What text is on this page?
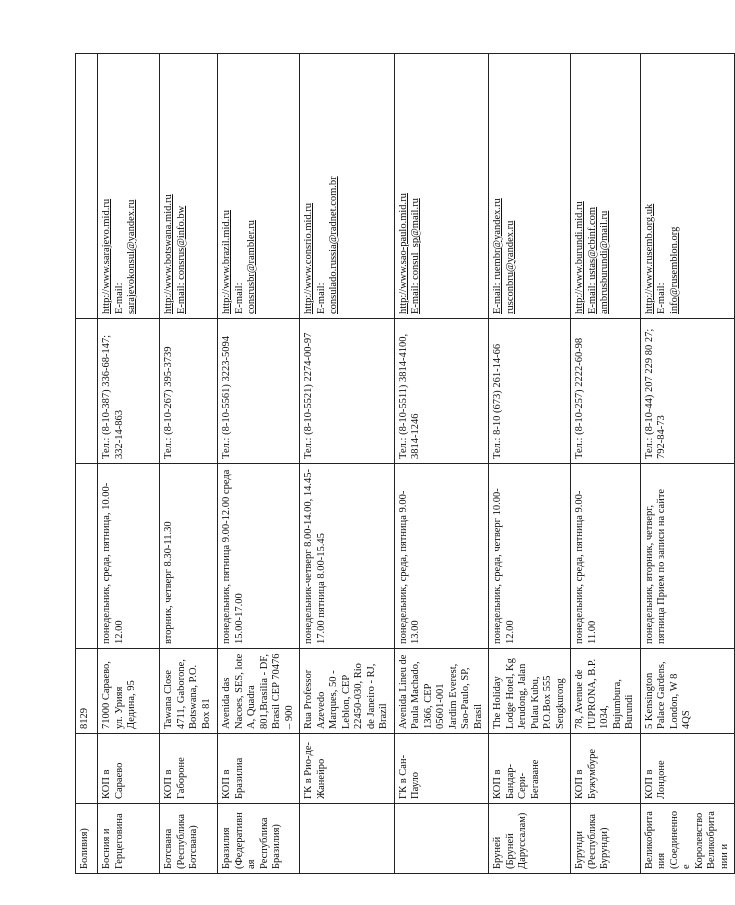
Боливия)		8129			
Босния и Герцеговина	КОП в Сараево	71000 Сараево, ул. Урияя Дедина, 95	понедельник, среда, пятница, 10.00-12.00	Тел.: (8-10-387) 336-68-147; 332-14-863	http://www.sarajevo.mid.ru E-mail: sarajevokonsul@yandex.ru

Ботсвана (Республика Ботсвана)	КОП в Габороне	Tawana Close 4711, Gaborone, Botswana, P.O. Box 81	вторник, четверг 8.30-11.30	Тел.: (8-10-267) 395-3739	http://www.botswana.mid.ru E-mail: consrus@info.bw

Бразилия (Федеративная Республика Бразилия)	КОП в Бразилиа	Avenida das Naсoes, SES, lote A, Quadra 801,Brasilia - DF, Brasil CEP 70476 – 900	понедельник, пятница 9.00-12.00 среда 15.00-17.00	Тел.: (8-10-5561) 3223-5094	http://www.brazil.mid.ru E-mail: consrusbr@rambler.ru

	ГК в Рио-де-Жанейро	Rua Professor Azevedo Marques, 50 - Leblon, CEP 22450-030, Rio de Janeiro - RJ, Brazil	понедельник-четверг 8.00-14.00, 14.45-17.00 пятница 8.00-15.45	Тел.: (8-10-5521) 2274-00-97	http://www.consrio.mid.ru E-mail: consulado.russia@radnet.com.br

	ГК в Сан-Пауло	Avenida Lineu de Paula Machado, 1366, CEP 05601-001 Jardim Everest, Sao-Paulo, SP, Brasil	понедельник, среда, пятница 9.00-13.00	Тел.: (8-10-5511) 3814-4100, 3814-1246	http://www.sao-paulo.mid.ru E-mail: consul_sp@mail.ru

Бруней (Бруней Даруссалам)	КОП в Бандар-Сери-Бегаване	The Holiday Lodge Hotel, Kg Jerudong, Jalan Pulau Kubu, P.O.Box 555 Sengkurong	понедельник, среда, четверг 10.00-12.00	Тел.: 8-10 (673) 261-14-66	E-mail: ruembr@yandex.ru rusconbru@yandex.ru

Бурунди (Республика Бурунди)	КОП в Бужумбуре	78, Avenue de l'UPRONA, B.P. 1034, Bujumbura, Burundi	понедельник, среда, пятница 9.00-11.00	Тел.: (8-10-257) 2222-60-98	http://www.burundi.mid.ru E-mail: ustas@cbinf.com ambrusburundi@mail.ru

Великобритания (Соединенное Королевство Великобритании и	КОП в Лондоне	5 Kensington Palace Gardens, London, W 8 4QS	понедельник, вторник, четверг, пятница Прием по записи на сайте	Тел.: (8-10-44) 207 229 80 27; 792-84-73	http://www.rusemb.org.uk E-mail: info@rusemblon.org
